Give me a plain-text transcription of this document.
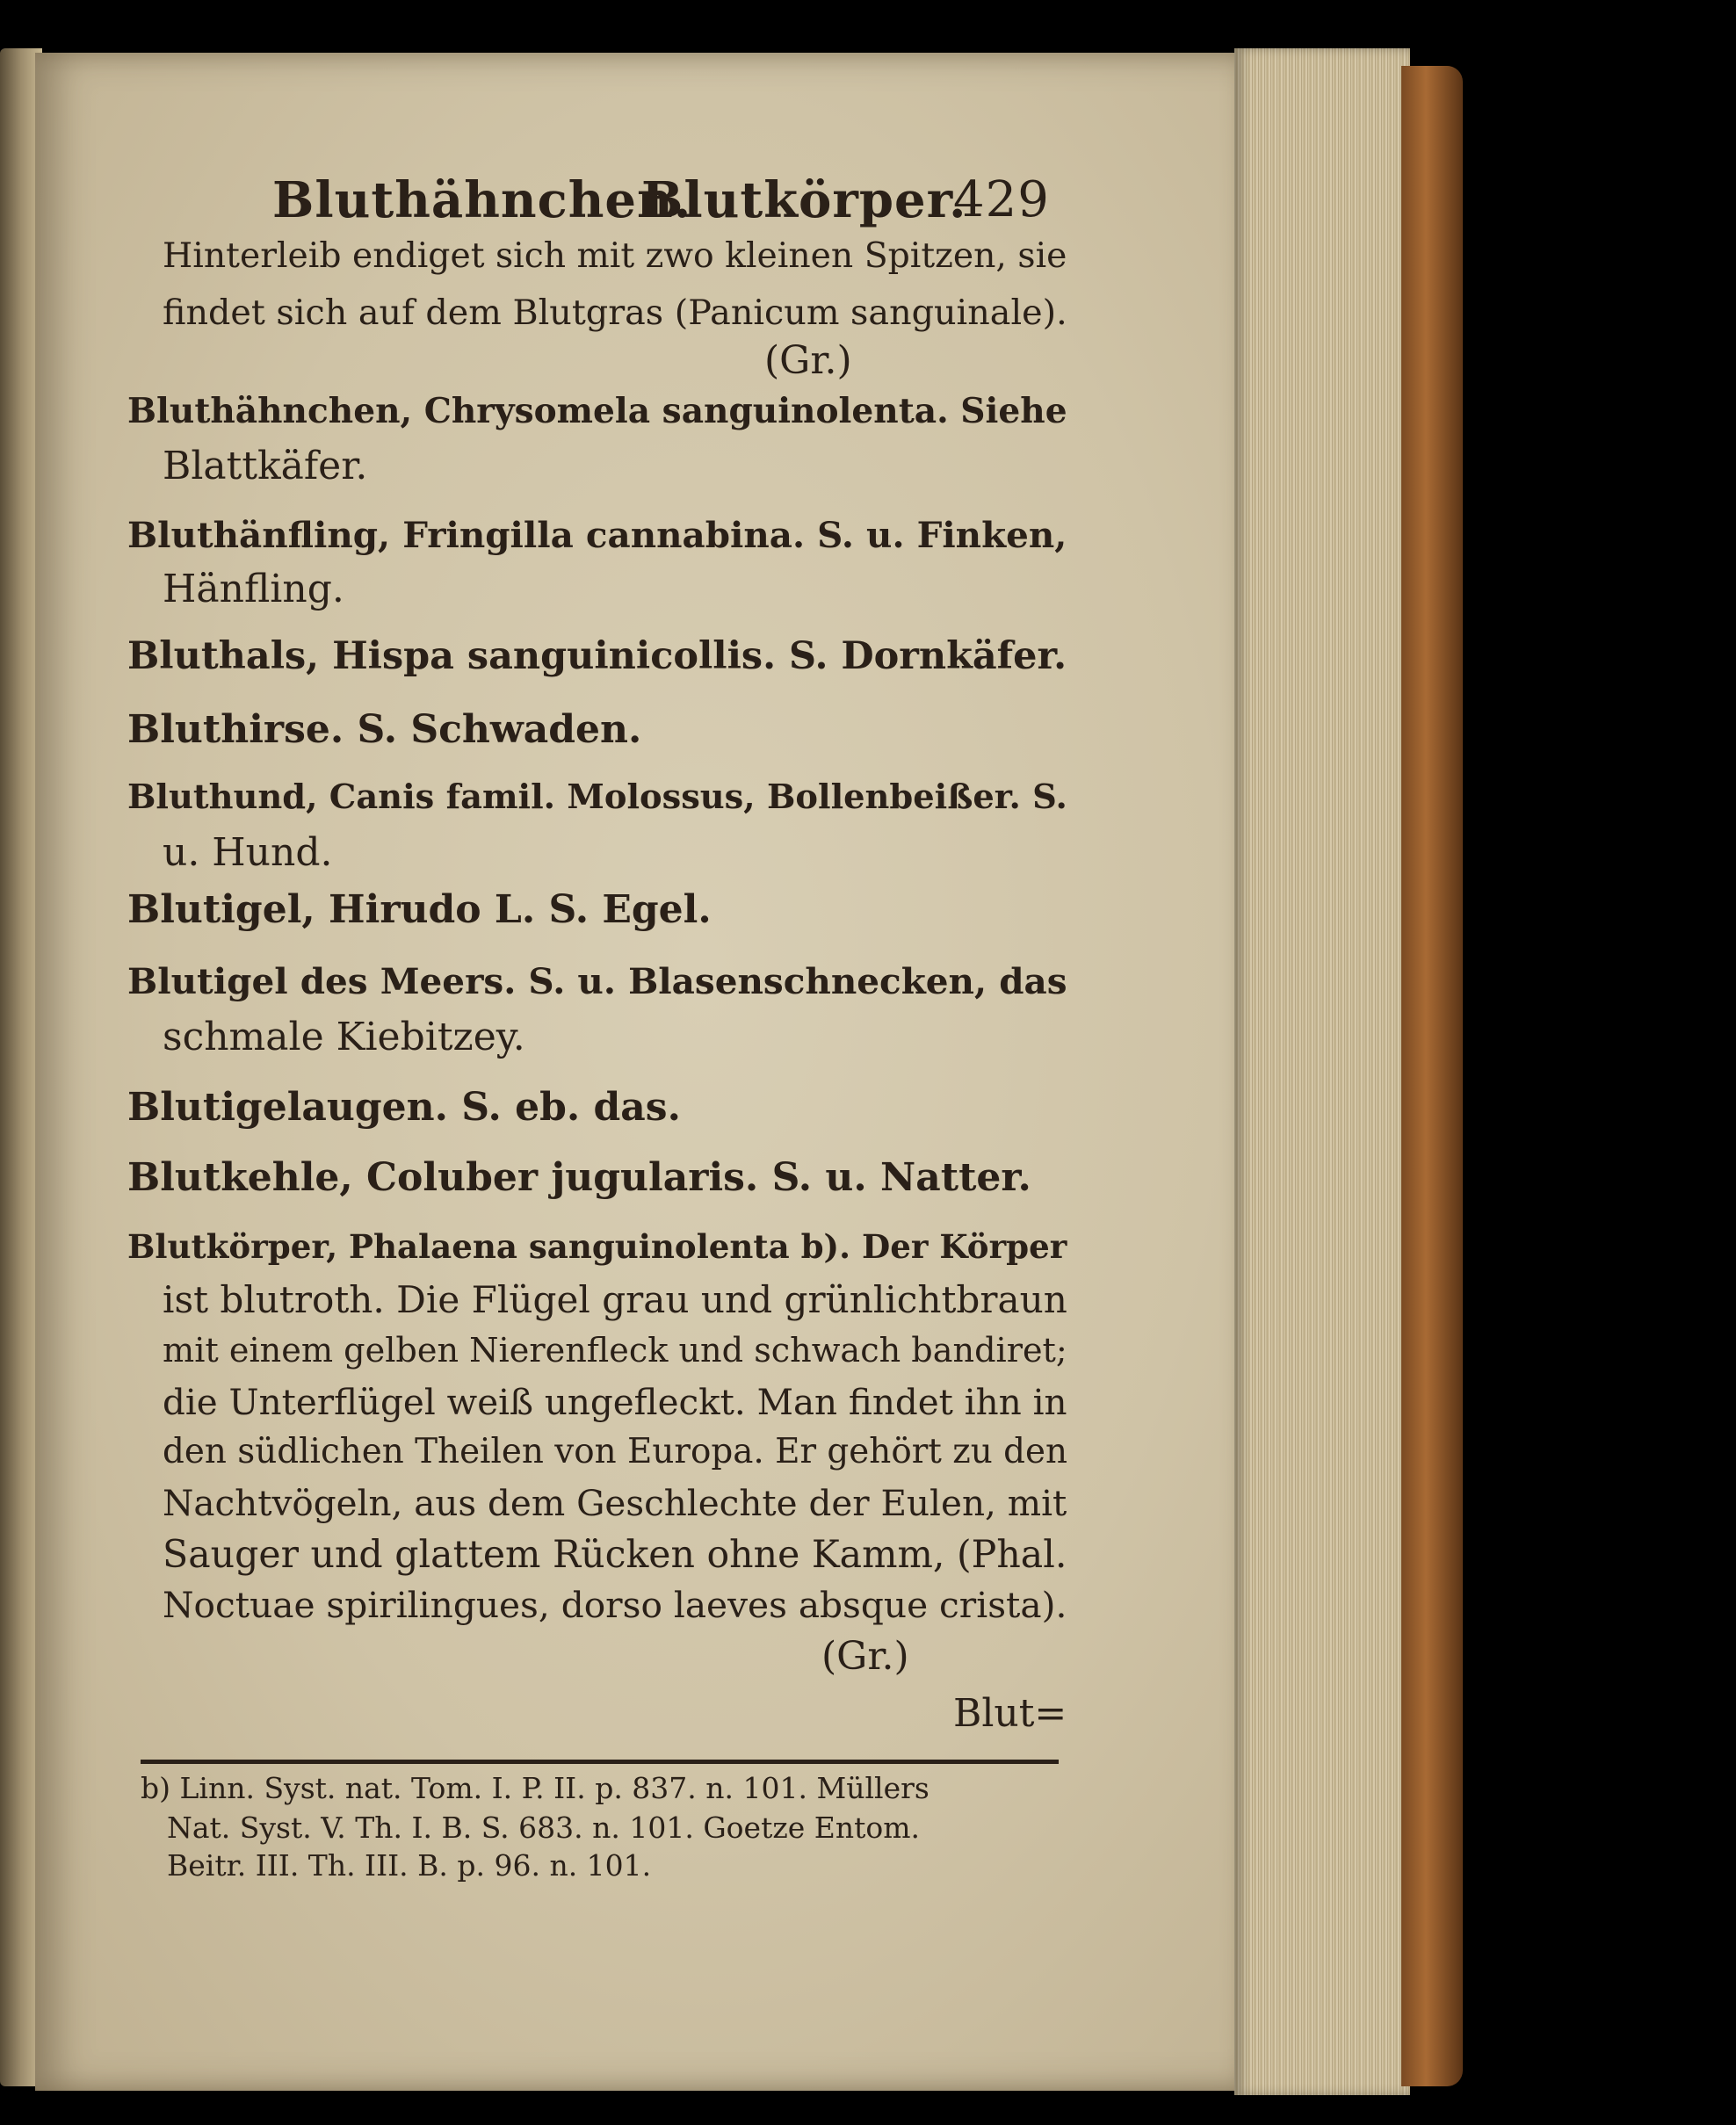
Bluthähnchen.
Blutkörper.
429
Hinterleib endiget sich mit zwo kleinen Spitzen, sie
findet sich auf dem Blutgras (Panicum sanguinale).
(Gr.)
Bluthähnchen, Chrysomela sanguinolenta. Siehe
Blattkäfer.
Bluthänfling, Fringilla cannabina. S. u. Finken,
Hänfling.
Bluthals, Hispa sanguinicollis. S. Dornkäfer.
Bluthirse. S. Schwaden.
Bluthund, Canis famil. Molossus, Bollenbeißer. S.
u. Hund.
Blutigel, Hirudo L. S. Egel.
Blutigel des Meers. S. u. Blasenschnecken, das
schmale Kiebitzey.
Blutigelaugen. S. eb. das.
Blutkehle, Coluber jugularis. S. u. Natter.
Blutkörper, Phalaena sanguinolenta b). Der Körper
ist blutroth. Die Flügel grau und grünlichtbraun
mit einem gelben Nierenfleck und schwach bandiret;
die Unterflügel weiß ungefleckt. Man findet ihn in
den südlichen Theilen von Europa. Er gehört zu den
Nachtvögeln, aus dem Geschlechte der Eulen, mit
Sauger und glattem Rücken ohne Kamm, (Phal.
Noctuae spirilingues, dorso laeves absque crista).
(Gr.)
Blut=
b) Linn. Syst. nat. Tom. I. P. II. p. 837. n. 101. Müllers
Nat. Syst. V. Th. I. B. S. 683. n. 101. Goetze Entom.
Beitr. III. Th. III. B. p. 96. n. 101.
